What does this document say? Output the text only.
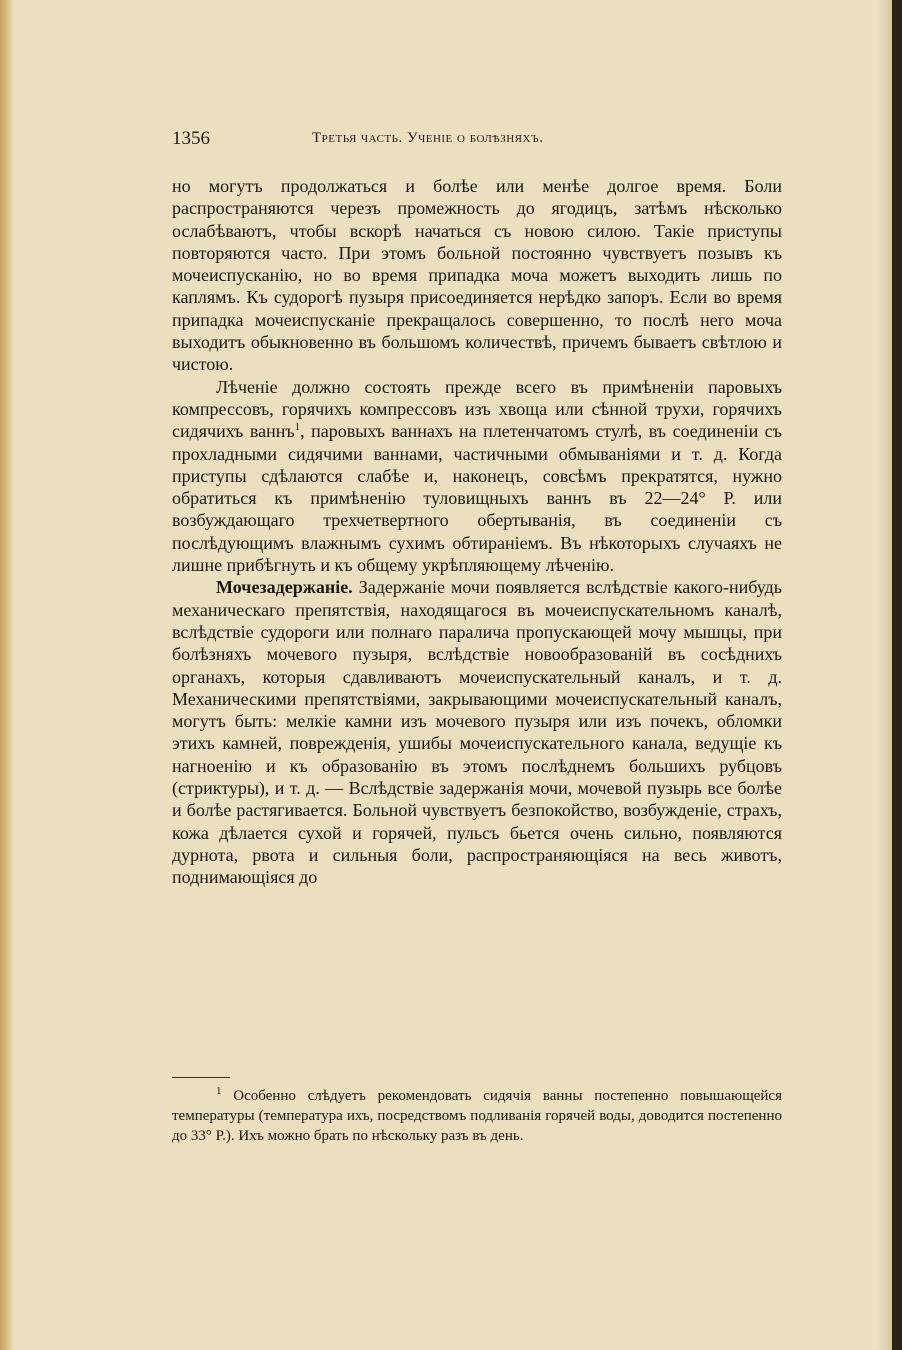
1356	Третья часть. Ученіе о болѣзняхъ.

но могутъ продолжаться и болѣе или менѣе долгое время. Боли распространяются черезъ промежность до ягодицъ, затѣмъ нѣсколько ослабѣваютъ, чтобы вскорѣ начаться съ новою силою. Такіе приступы повторяются часто. При этомъ больной постоянно чувствуетъ позывъ къ мочеиспусканію, но во время припадка моча можетъ выходить лишь по каплямъ. Къ судорогѣ пузыря присоединяется нерѣдко запоръ. Если во время припадка мочеиспусканіе прекращалось совершенно, то послѣ него моча выходитъ обыкновенно въ большомъ количествѣ, причемъ бываетъ свѣтлою и чистою.

Лѣченіе должно состоять прежде всего въ примѣненіи паровыхъ компрессовъ, горячихъ компрессовъ изъ хвоща или сѣнной трухи, горячихъ сидячихъ ваннъ$^1$, паровыхъ ваннахъ на плетенчатомъ стулѣ, въ соединеніи съ прохладными сидячими ваннами, частичными обмываніями и т. д. Когда приступы сдѣлаются слабѣе и, наконецъ, совсѣмъ прекратятся, нужно обратиться къ примѣненію туловищныхъ ваннъ въ 22—24° Р. или возбуждающаго трехчетвертного обертыванія, въ соединеніи съ послѣдующимъ влажнымъ сухимъ обтираніемъ. Въ нѣкоторыхъ случаяхъ не лишне прибѣгнуть и къ общему укрѣпляющему лѣченію.

Мочезадержаніе. Задержаніе мочи появляется вслѣдствіе какого-нибудь механическаго препятствія, находящагося въ мочеиспускательномъ каналѣ, вслѣдствіе судороги или полнаго паралича пропускающей мочу мышцы, при болѣзняхъ мочевого пузыря, вслѣдствіе новообразованій въ сосѣднихъ органахъ, которыя сдавливаютъ мочеиспускательный каналъ, и т. д. Механическими препятствіями, закрывающими мочеиспускательный каналъ, могутъ быть: мелкіе камни изъ мочевого пузыря или изъ почекъ, обломки этихъ камней, поврежденія, ушибы мочеиспускательного канала, ведущіе къ нагноенію и къ образованію въ этомъ послѣднемъ большихъ рубцовъ (стриктуры), и т. д. — Вслѣдствіе задержанія мочи, мочевой пузырь все болѣе и болѣе растягивается. Больной чувствуетъ безпокойство, возбужденіе, страхъ, кожа дѣлается сухой и горячей, пульсъ бьется очень сильно, появляются дурнота, рвота и сильныя боли, распространяющіяся на весь животъ, поднимающіяся до

$^1$ Особенно слѣдуетъ рекомендовать сидячія ванны постепенно повышающейся температуры (температура ихъ, посредствомъ подливанія горячей воды, доводится постепенно до 33° Р.). Ихъ можно брать по нѣскольку разъ въ день.
